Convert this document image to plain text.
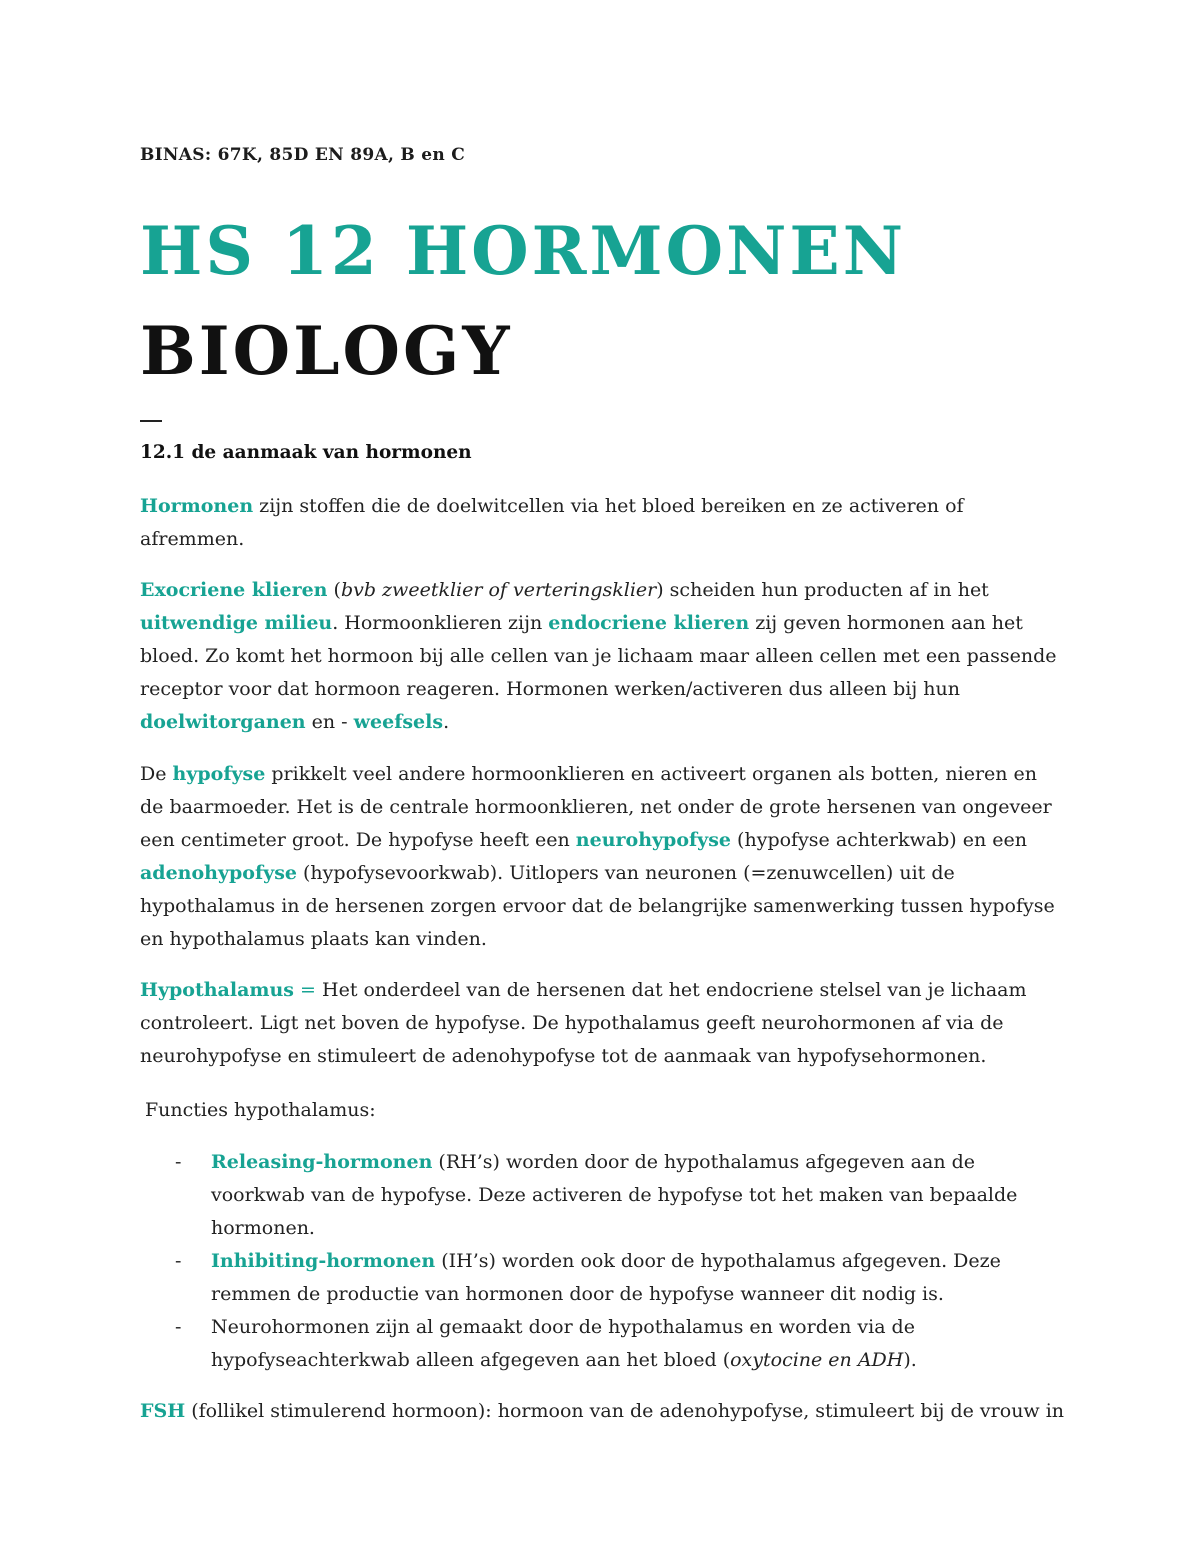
BINAS: 67K, 85D EN 89A, B en C
HS 12 HORMONEN
BIOLOGY
12.1 de aanmaak van hormonen
Hormonen zijn stoffen die de doelwitcellen via het bloed bereiken en ze activeren of afremmen.
Exocriene klieren (bvb zweetklier of verteringsklier) scheiden hun producten af in het uitwendige milieu. Hormoonklieren zijn endocriene klieren zij geven hormonen aan het bloed. Zo komt het hormoon bij alle cellen van je lichaam maar alleen cellen met een passende receptor voor dat hormoon reageren. Hormonen werken/activeren dus alleen bij hun doelwitorganen en - weefsels.
De hypofyse prikkelt veel andere hormoonklieren en activeert organen als botten, nieren en de baarmoeder. Het is de centrale hormoonklieren, net onder de grote hersenen van ongeveer een centimeter groot. De hypofyse heeft een neurohypofyse (hypofyse achterkwab) en een adenohypofyse (hypofysevoorkwab). Uitlopers van neuronen (=zenuwcellen) uit de hypothalamus in de hersenen zorgen ervoor dat de belangrijke samenwerking tussen hypofyse en hypothalamus plaats kan vinden.
Hypothalamus = Het onderdeel van de hersenen dat het endocriene stelsel van je lichaam controleert. Ligt net boven de hypofyse. De hypothalamus geeft neurohormonen af via de neurohypofyse en stimuleert de adenohypofyse tot de aanmaak van hypofysehormonen.
Functies hypothalamus:
- Releasing-hormonen (RH’s) worden door de hypothalamus afgegeven aan de voorkwab van de hypofyse. Deze activeren de hypofyse tot het maken van bepaalde hormonen.
- Inhibiting-hormonen (IH’s) worden ook door de hypothalamus afgegeven. Deze remmen de productie van hormonen door de hypofyse wanneer dit nodig is.
- Neurohormonen zijn al gemaakt door de hypothalamus en worden via de hypofyseachterkwab alleen afgegeven aan het bloed (oxytocine en ADH).
FSH (follikel stimulerend hormoon): hormoon van de adenohypofyse, stimuleert bij de vrouw in
